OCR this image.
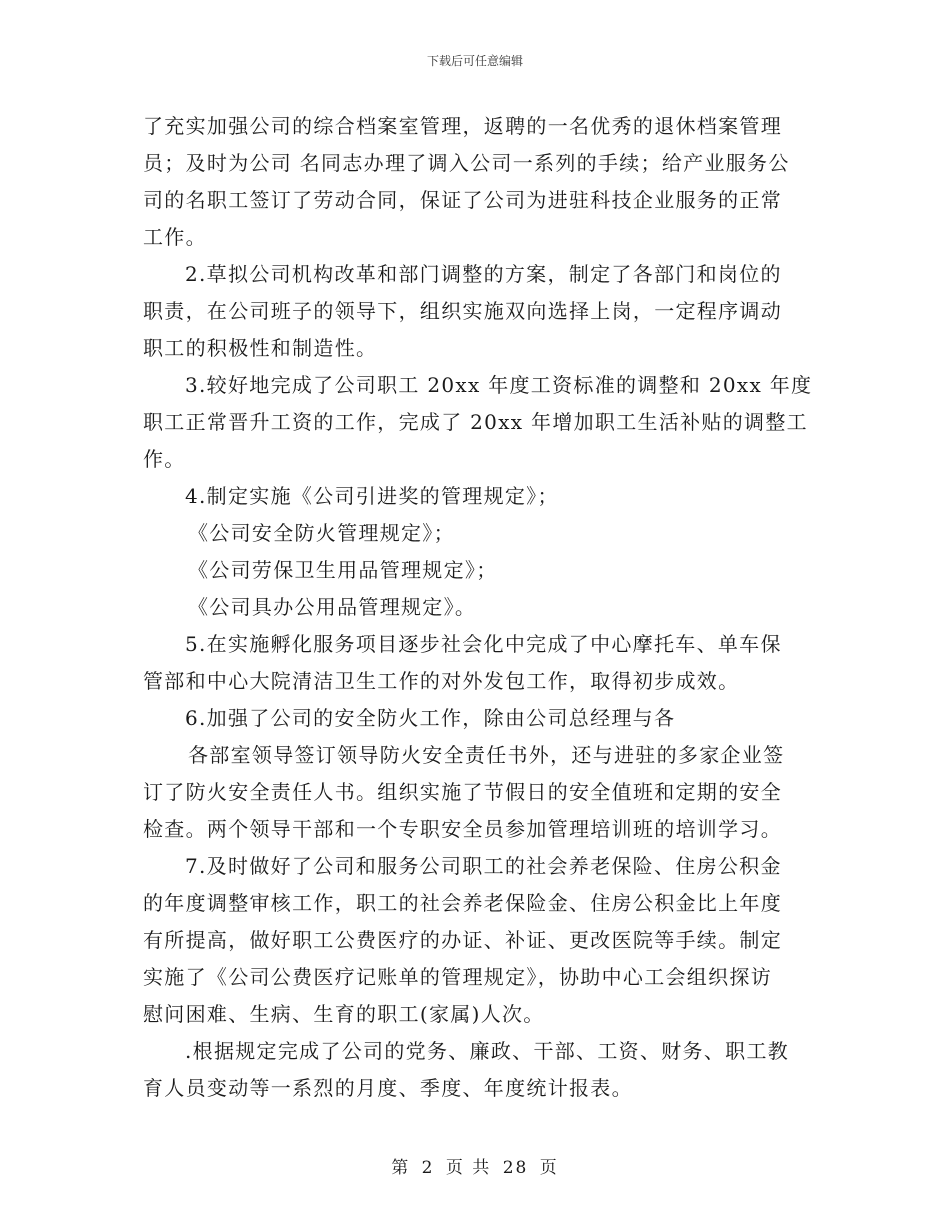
下载后可任意编辑
了充实加强公司的综合档案室管理，返聘的一名优秀的退休档案管理
员；及时为公司 名同志办理了调入公司一系列的手续；给产业服务公
司的名职工签订了劳动合同，保证了公司为进驻科技企业服务的正常
工作。
2.草拟公司机构改革和部门调整的方案，制定了各部门和岗位的
职责，在公司班子的领导下，组织实施双向选择上岗，一定程序调动
职工的积极性和制造性。
3.较好地完成了公司职工 20xx 年度工资标准的调整和 20xx 年度
职工正常晋升工资的工作，完成了 20xx 年增加职工生活补贴的调整工
作。
4.制定实施《公司引进奖的管理规定》；
《公司安全防火管理规定》；
《公司劳保卫生用品管理规定》；
《公司具办公用品管理规定》。
5.在实施孵化服务项目逐步社会化中完成了中心摩托车、单车保
管部和中心大院清洁卫生工作的对外发包工作，取得初步成效。
6.加强了公司的安全防火工作，除由公司总经理与各
各部室领导签订领导防火安全责任书外，还与进驻的多家企业签
订了防火安全责任人书。组织实施了节假日的安全值班和定期的安全
检查。两个领导干部和一个专职安全员参加管理培训班的培训学习。
7.及时做好了公司和服务公司职工的社会养老保险、住房公积金
的年度调整审核工作，职工的社会养老保险金、住房公积金比上年度
有所提高，做好职工公费医疗的办证、补证、更改医院等手续。制定
实施了《公司公费医疗记账单的管理规定》，协助中心工会组织探访
慰问困难、生病、生育的职工(家属)人次。
.根据规定完成了公司的党务、廉政、干部、工资、财务、职工教
育人员变动等一系烈的月度、季度、年度统计报表。
第 2 页 共 28 页
